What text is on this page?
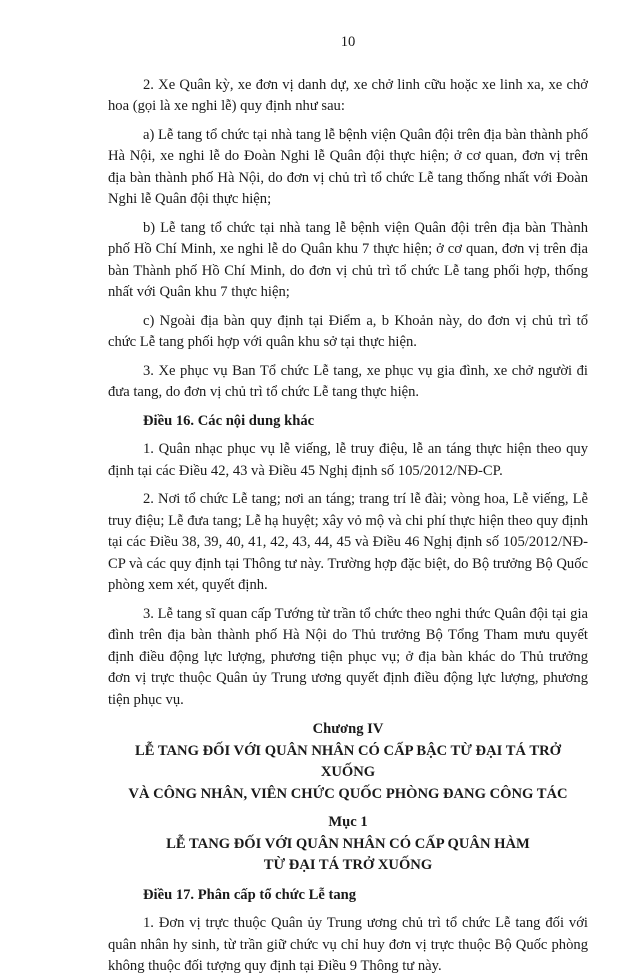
10

2. Xe Quân kỳ, xe đơn vị danh dự, xe chở linh cữu hoặc xe linh xa, xe chở hoa (gọi là xe nghi lễ) quy định như sau:

a) Lễ tang tổ chức tại nhà tang lễ bệnh viện Quân đội trên địa bàn thành phố Hà Nội, xe nghi lễ do Đoàn Nghi lễ Quân đội thực hiện; ở cơ quan, đơn vị trên địa bàn thành phố Hà Nội, do đơn vị chủ trì tổ chức Lễ tang thống nhất với Đoàn Nghi lễ Quân đội thực hiện;

b) Lễ tang tổ chức tại nhà tang lễ bệnh viện Quân đội trên địa bàn Thành phố Hồ Chí Minh, xe nghi lễ do Quân khu 7 thực hiện; ở cơ quan, đơn vị trên địa bàn Thành phố Hồ Chí Minh, do đơn vị chủ trì tổ chức Lễ tang phối hợp, thống nhất với Quân khu 7 thực hiện;

c) Ngoài địa bàn quy định tại Điểm a, b Khoản này, do đơn vị chủ trì tổ chức Lễ tang phối hợp với quân khu sở tại thực hiện.

3. Xe phục vụ Ban Tổ chức Lễ tang, xe phục vụ gia đình, xe chở người đi đưa tang, do đơn vị chủ trì tổ chức Lễ tang thực hiện.

Điều 16. Các nội dung khác

1. Quân nhạc phục vụ lễ viếng, lễ truy điệu, lễ an táng thực hiện theo quy định tại các Điều 42, 43 và Điều 45 Nghị định số 105/2012/NĐ-CP.

2. Nơi tổ chức Lễ tang; nơi an táng; trang trí lễ đài; vòng hoa, Lễ viếng, Lễ truy điệu; Lễ đưa tang; Lễ hạ huyệt; xây vỏ mộ và chi phí thực hiện theo quy định tại các Điều 38, 39, 40, 41, 42, 43, 44, 45 và Điều 46 Nghị định số 105/2012/NĐ-CP và các quy định tại Thông tư này. Trường hợp đặc biệt, do Bộ trưởng Bộ Quốc phòng xem xét, quyết định.

3. Lễ tang sĩ quan cấp Tướng từ trần tổ chức theo nghi thức Quân đội tại gia đình trên địa bàn thành phố Hà Nội do Thủ trưởng Bộ Tổng Tham mưu quyết định điều động lực lượng, phương tiện phục vụ; ở địa bàn khác do Thủ trưởng đơn vị trực thuộc Quân ủy Trung ương quyết định điều động lực lượng, phương tiện phục vụ.

Chương IV

LỄ TANG ĐỐI VỚI QUÂN NHÂN CÓ CẤP BẬC TỪ ĐẠI TÁ TRỞ XUỐNG

VÀ CÔNG NHÂN, VIÊN CHỨC QUỐC PHÒNG ĐANG CÔNG TÁC

Mục 1

LỄ TANG ĐỐI VỚI QUÂN NHÂN CÓ CẤP QUÂN HÀM

TỪ ĐẠI TÁ TRỞ XUỐNG

Điều 17. Phân cấp tổ chức Lễ tang

1. Đơn vị trực thuộc Quân ủy Trung ương chủ trì tổ chức Lễ tang đối với quân nhân hy sinh, từ trần giữ chức vụ chỉ huy đơn vị trực thuộc Bộ Quốc phòng không thuộc đối tượng quy định tại Điều 9 Thông tư này.
